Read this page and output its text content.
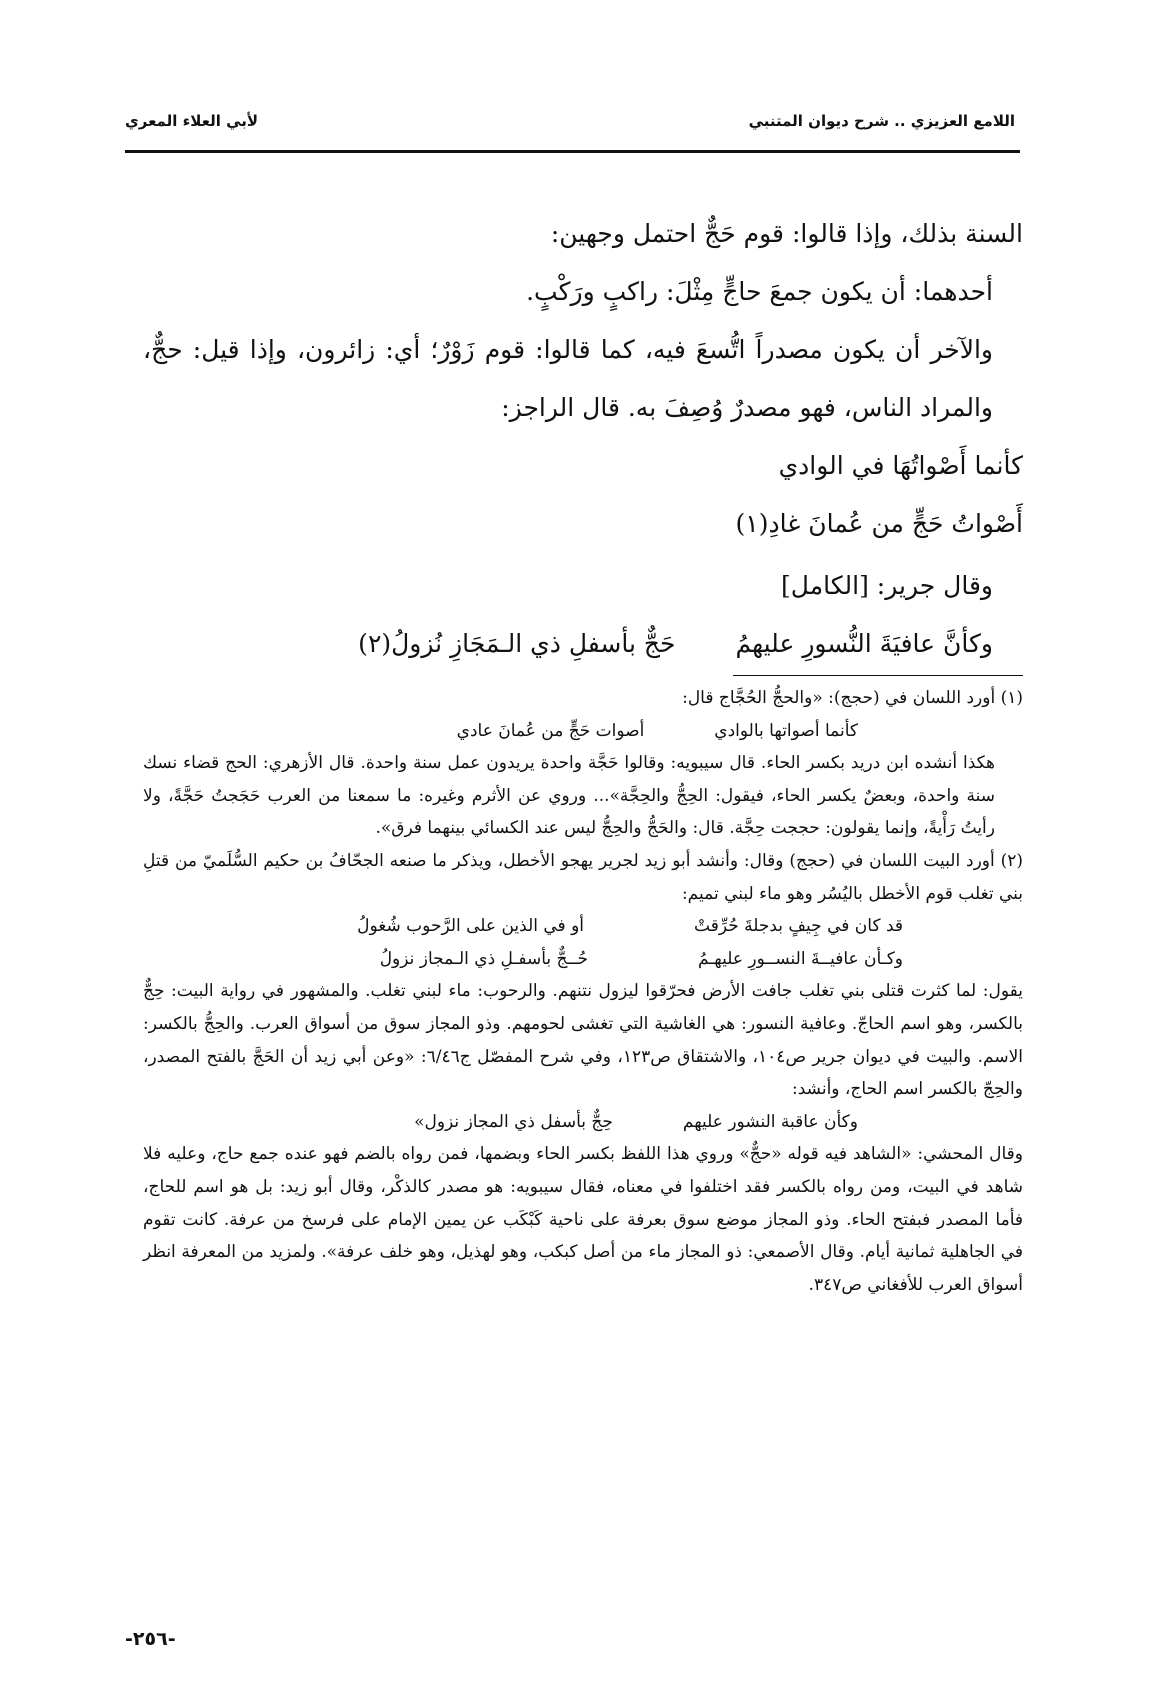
اللامع العزيزي .. شرح ديوان المتنبي
لأبي العلاء المعري

السنة بذلك، وإذا قالوا: قوم حَجٌّ احتمل وجهين:

أحدهما: أن يكون جمعَ حاجٍّ مِثْلَ: راكبٍ ورَكْبٍ.

والآخر أن يكون مصدراً اتُّسعَ فيه، كما قالوا: قوم زَوْرٌ؛ أي: زائرون، وإذا قيل: حجٌّ، والمراد الناس، فهو مصدرٌ وُصِفَ به. قال الراجز:

كأنما أَصْواتُهَا في الوادي

أَصْواتُ حَجٍّ من عُمانَ غادِ(١)

وقال جرير: [الكامل]

وكأنَّ عافيَةَ النُّسورِ عليهمُ
حَجٌّ بأسفلِ ذي الـمَجَازِ نُزولُ(٢)

(١) أورد اللسان في (حجج): «والحجُّ الحُجَّاج قال:

كأنما أصواتها بالوادي
أصوات حَجٍّ من عُمانَ عادي

هكذا أنشده ابن دريد بكسر الحاء. قال سيبويه: وقالوا حَجَّة واحدة يريدون عمل سنة واحدة. قال الأزهري: الحج قضاء نسك سنة واحدة، وبعضٌ يكسر الحاء، فيقول: الحِجُّ والحِجَّة»... وروي عن الأثرم وغيره: ما سمعنا من العرب حَجَجتُ حَجَّةً، ولا رأيتُ رَأْيةً، وإنما يقولون: حججت حِجَّة. قال: والحَجُّ والحِجُّ ليس عند الكسائي بينهما فرق».

(٢) أورد البيت اللسان في (حجج) وقال: وأنشد أبو زيد لجرير يهجو الأخطل، ويذكر ما صنعه الجحّافُ بن حكيم السُّلَميّ من قتلِ بني تغلب قوم الأخطل باليُسُر وهو ماء لبني تميم:

قد كان في جِيفٍ بدجلةَ حُرِّقتْ
أو في الذين على الرَّحوب شُغولُ
وكـأن عافيــةَ النســورِ عليهـمُ
حُــجٌّ بأسفـلِ ذي الـمجاز نزولُ

يقول: لما كثرت قتلى بني تغلب جافت الأرض فحرّقوا ليزول نتنهم. والرحوب: ماء لبني تغلب. والمشهور في رواية البيت: حِجٌّ بالكسر، وهو اسم الحاجّ. وعافية النسور: هي الغاشية التي تغشى لحومهم. وذو المجاز سوق من أسواق العرب. والحِجُّ بالكسر: الاسم. والبيت في ديوان جرير ص١٠٤، والاشتقاق ص١٢٣، وفي شرح المفصّل ج٦/٤٦: «وعن أبي زيد أن الحَجَّ بالفتح المصدر، والحِجّ بالكسر اسم الحاج، وأنشد:

وكأن عاقبة النشور عليهم
حِجٌّ بأسفل ذي المجاز نزول»

وقال المحشي: «الشاهد فيه قوله «حجٌّ» وروي هذا اللفظ بكسر الحاء وبضمها، فمن رواه بالضم فهو عنده جمع حاج، وعليه فلا شاهد في البيت، ومن رواه بالكسر فقد اختلفوا في معناه، فقال سيبويه: هو مصدر كالذكْر، وقال أبو زيد: بل هو اسم للحاج، فأما المصدر فبفتح الحاء. وذو المجاز موضع سوق بعرفة على ناحية كَبْكَب عن يمين الإمام على فرسخ من عرفة. كانت تقوم في الجاهلية ثمانية أيام. وقال الأصمعي: ذو المجاز ماء من أصل كبكب، وهو لهذيل، وهو خلف عرفة». ولمزيد من المعرفة انظر أسواق العرب للأفغاني ص٣٤٧.

-٢٥٦-
